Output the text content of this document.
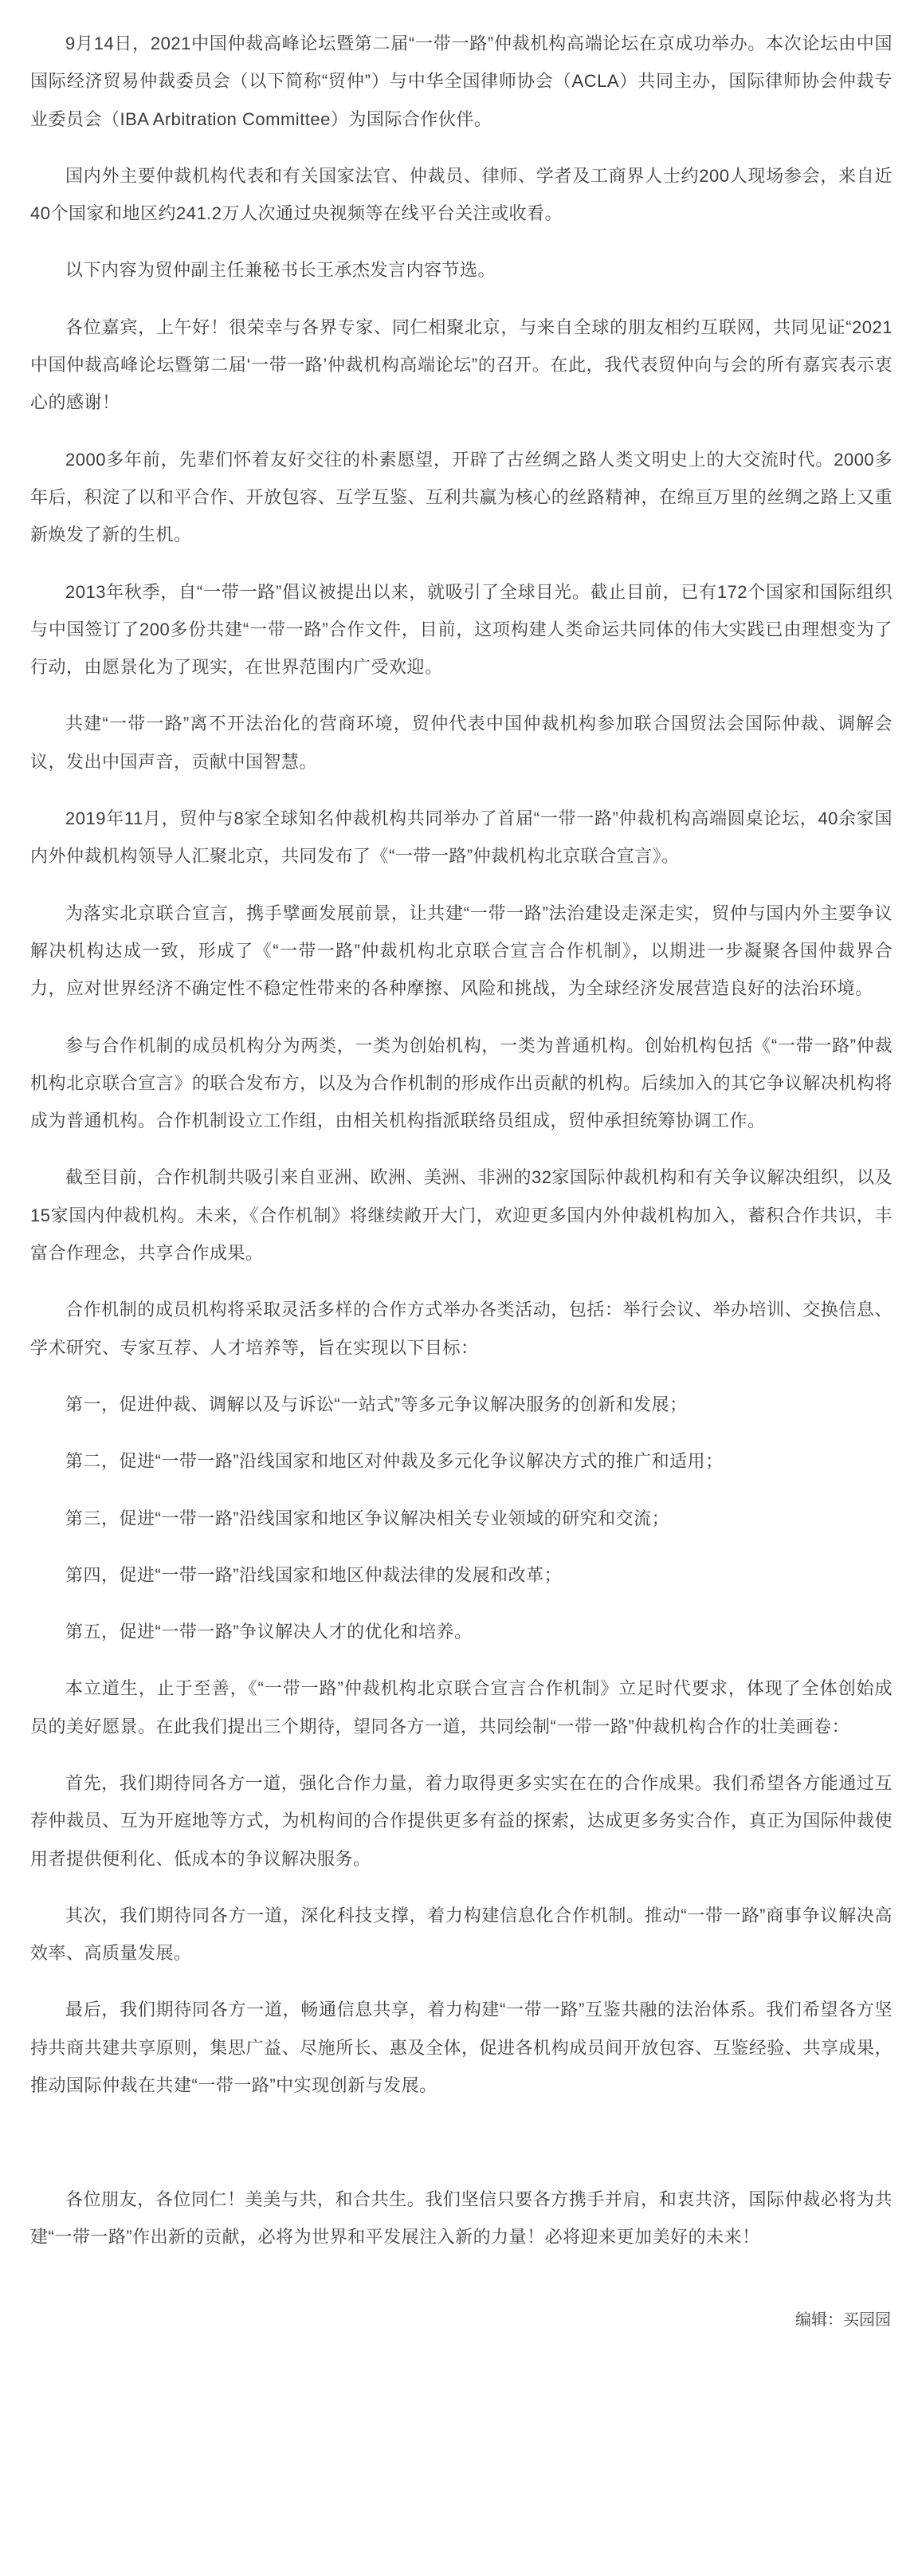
9月14日，2021中国仲裁高峰论坛暨第二届“一带一路”仲裁机构高端论坛在京成功举办。本次论坛由中国国际经济贸易仲裁委员会（以下简称“贸仲”）与中华全国律师协会（ACLA）共同主办，国际律师协会仲裁专业委员会（IBA Arbitration Committee）为国际合作伙伴。

国内外主要仲裁机构代表和有关国家法官、仲裁员、律师、学者及工商界人士约200人现场参会，来自近40个国家和地区约241.2万人次通过央视频等在线平台关注或收看。

以下内容为贸仲副主任兼秘书长王承杰发言内容节选。

各位嘉宾，上午好！很荣幸与各界专家、同仁相聚北京，与来自全球的朋友相约互联网，共同见证“2021中国仲裁高峰论坛暨第二届‘一带一路’仲裁机构高端论坛”的召开。在此，我代表贸仲向与会的所有嘉宾表示衷心的感谢！

2000多年前，先辈们怀着友好交往的朴素愿望，开辟了古丝绸之路人类文明史上的大交流时代。2000多年后，积淀了以和平合作、开放包容、互学互鉴、互利共赢为核心的丝路精神，在绵亘万里的丝绸之路上又重新焕发了新的生机。

2013年秋季，自“一带一路”倡议被提出以来，就吸引了全球目光。截止目前，已有172个国家和国际组织与中国签订了200多份共建“一带一路”合作文件，目前，这项构建人类命运共同体的伟大实践已由理想变为了行动，由愿景化为了现实，在世界范围内广受欢迎。

共建“一带一路”离不开法治化的营商环境，贸仲代表中国仲裁机构参加联合国贸法会国际仲裁、调解会议，发出中国声音，贡献中国智慧。

2019年11月，贸仲与8家全球知名仲裁机构共同举办了首届“一带一路”仲裁机构高端圆桌论坛，40余家国内外仲裁机构领导人汇聚北京，共同发布了《“一带一路”仲裁机构北京联合宣言》。

为落实北京联合宣言，携手擘画发展前景，让共建“一带一路”法治建设走深走实，贸仲与国内外主要争议解决机构达成一致，形成了《“一带一路”仲裁机构北京联合宣言合作机制》，以期进一步凝聚各国仲裁界合力，应对世界经济不确定性不稳定性带来的各种摩擦、风险和挑战，为全球经济发展营造良好的法治环境。

参与合作机制的成员机构分为两类，一类为创始机构，一类为普通机构。创始机构包括《“一带一路”仲裁机构北京联合宣言》的联合发布方，以及为合作机制的形成作出贡献的机构。后续加入的其它争议解决机构将成为普通机构。合作机制设立工作组，由相关机构指派联络员组成，贸仲承担统筹协调工作。

截至目前，合作机制共吸引来自亚洲、欧洲、美洲、非洲的32家国际仲裁机构和有关争议解决组织，以及15家国内仲裁机构。未来，《合作机制》将继续敞开大门，欢迎更多国内外仲裁机构加入，蓄积合作共识，丰富合作理念，共享合作成果。

合作机制的成员机构将采取灵活多样的合作方式举办各类活动，包括：举行会议、举办培训、交换信息、学术研究、专家互荐、人才培养等，旨在实现以下目标：

第一，促进仲裁、调解以及与诉讼“一站式”等多元争议解决服务的创新和发展；

第二，促进“一带一路”沿线国家和地区对仲裁及多元化争议解决方式的推广和适用；

第三，促进“一带一路”沿线国家和地区争议解决相关专业领域的研究和交流；

第四，促进“一带一路”沿线国家和地区仲裁法律的发展和改革；

第五，促进“一带一路”争议解决人才的优化和培养。

本立道生，止于至善，《“一带一路”仲裁机构北京联合宣言合作机制》立足时代要求，体现了全体创始成员的美好愿景。在此我们提出三个期待，望同各方一道，共同绘制“一带一路”仲裁机构合作的壮美画卷：

首先，我们期待同各方一道，强化合作力量，着力取得更多实实在在的合作成果。我们希望各方能通过互荐仲裁员、互为开庭地等方式，为机构间的合作提供更多有益的探索，达成更多务实合作，真正为国际仲裁使用者提供便利化、低成本的争议解决服务。

其次，我们期待同各方一道，深化科技支撑，着力构建信息化合作机制。推动“一带一路”商事争议解决高效率、高质量发展。

最后，我们期待同各方一道，畅通信息共享，着力构建“一带一路”互鉴共融的法治体系。我们希望各方坚持共商共建共享原则，集思广益、尽施所长、惠及全体，促进各机构成员间开放包容、互鉴经验、共享成果，推动国际仲裁在共建“一带一路”中实现创新与发展。

各位朋友，各位同仁！美美与共，和合共生。我们坚信只要各方携手并肩，和衷共济，国际仲裁必将为共建“一带一路”作出新的贡献，必将为世界和平发展注入新的力量！必将迎来更加美好的未来！

编辑：买园园
